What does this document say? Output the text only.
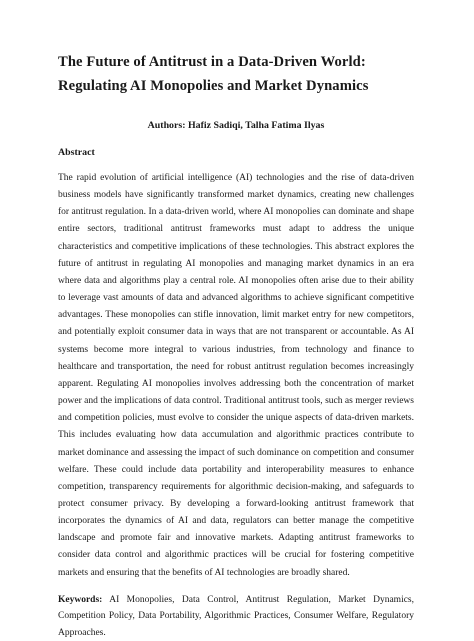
The Future of Antitrust in a Data-Driven World: Regulating AI Monopolies and Market Dynamics
Authors: Hafiz Sadiqi, Talha Fatima Ilyas
Abstract

The rapid evolution of artificial intelligence (AI) technologies and the rise of data-driven business models have significantly transformed market dynamics, creating new challenges for antitrust regulation. In a data-driven world, where AI monopolies can dominate and shape entire sectors, traditional antitrust frameworks must adapt to address the unique characteristics and competitive implications of these technologies. This abstract explores the future of antitrust in regulating AI monopolies and managing market dynamics in an era where data and algorithms play a central role. AI monopolies often arise due to their ability to leverage vast amounts of data and advanced algorithms to achieve significant competitive advantages. These monopolies can stifle innovation, limit market entry for new competitors, and potentially exploit consumer data in ways that are not transparent or accountable. As AI systems become more integral to various industries, from technology and finance to healthcare and transportation, the need for robust antitrust regulation becomes increasingly apparent. Regulating AI monopolies involves addressing both the concentration of market power and the implications of data control. Traditional antitrust tools, such as merger reviews and competition policies, must evolve to consider the unique aspects of data-driven markets. This includes evaluating how data accumulation and algorithmic practices contribute to market dominance and assessing the impact of such dominance on competition and consumer welfare. These could include data portability and interoperability measures to enhance competition, transparency requirements for algorithmic decision-making, and safeguards to protect consumer privacy. By developing a forward-looking antitrust framework that incorporates the dynamics of AI and data, regulators can better manage the competitive landscape and promote fair and innovative markets. Adapting antitrust frameworks to consider data control and algorithmic practices will be crucial for fostering competitive markets and ensuring that the benefits of AI technologies are broadly shared.

Keywords: AI Monopolies, Data Control, Antitrust Regulation, Market Dynamics, Competition Policy, Data Portability, Algorithmic Practices, Consumer Welfare, Regulatory Approaches.
